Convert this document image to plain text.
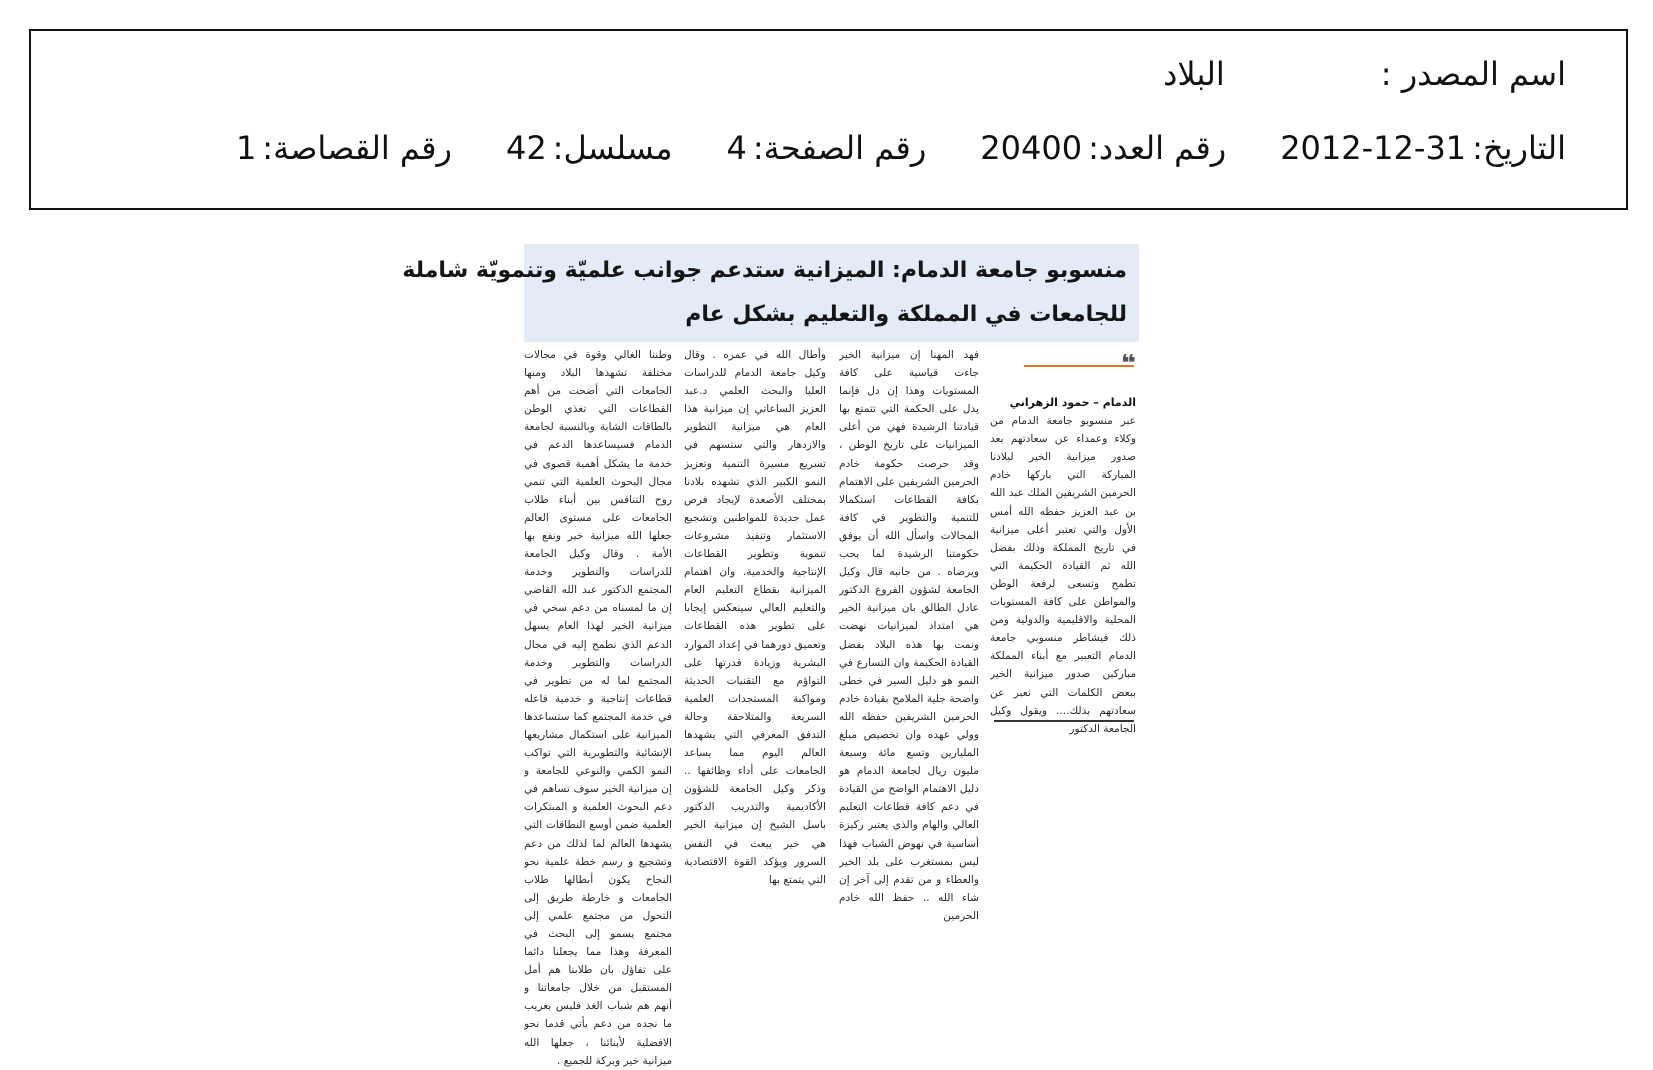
اسم المصدر :
البلاد
التاريخ:
2012-12-31
رقم العدد:
20400
رقم الصفحة:
4
مسلسل:
42
رقم القصاصة:
1
منسوبو جامعة الدمام: الميزانية ستدعم جوانب علميّة وتنمويّة شاملة
للجامعات في المملكة والتعليم بشكل عام
❝
الدمام – حمود الزهراني
عبر منسوبو جامعة الدمام من وكلاء وعمداء عن سعادتهم بعد صدور ميزانية الخير لبلادنا المباركة التي باركها خادم الحرمين الشريفين الملك عبد الله بن عبد العزيز حفظه الله أمس الأول والتي تعتبر أعلى ميزانية في تاريخ المملكة وذلك بفضل الله ثم القيادة الحكيمة التي تطمح وتسعى لرفعة الوطن والمواطن على كافة المستويات المحلية والاقليمية والدولية ومن ذلك فيشاطر منسوبي جامعة الدمام التعبير مع أبناء المملكة مباركين صدور ميزانية الخير ببعض الكلمات التي تعبر عن سعادتهم بذلك.... ويقول وكيل الجامعة الدكتور
فهد المهنا إن ميزانية الخير جاءت قياسية على كافة المستويات وهذا إن دل فإنما يدل على الحكمة التي تتمتع بها قيادتنا الرشيدة فهي من أعلى الميزانيات على تاريخ الوطن ، وقد حرصت حكومة خادم الحرمين الشريفين على الاهتمام بكافة القطاعات استكمالا للتنمية والتطوير في كافة المجالات واسأل الله أن يوفق حكومتنا الرشيدة لما يحب ويرضاه . من جانبه قال وكيل الجامعة لشؤون الفروع الدكتور عادل الطالق بان ميزانية الخير هي امتداد لميزانيات نهضت ونمت بها هذه البلاد بفضل القيادة الحكيمة وان التسارع في النمو هو دليل السير في خطى واضحة جلية الملامح بقيادة خادم الحرمين الشريفين حفظه الله وولي عهده وان تخصيص مبلغ المليارين وتسع مائة وسبعة مليون ريال لجامعة الدمام هو دليل الاهتمام الواضح من القيادة في دعم كافة قطاعات التعليم العالي والهام والذي يعتبر ركيزة أساسية في نهوض الشباب فهذا ليس بمستغرب على بلد الخير والعطاء و من تقدم إلى آخر إن شاء الله .. حفظ الله خادم الحرمين
وأطال الله في عمره . وقال وكيل جامعة الدمام للدراسات العليا والبحث العلمي د.عبد العزيز الساعاتي إن ميزانية هذا العام هي ميزانية التطوير والازدهار والتي ستسهم في تسريع مسيرة التنمية وتعزيز النمو الكبير الذي تشهده بلادنا بمختلف الأصعدة لإيجاد فرص عمل جديدة للمواطنين وتشجيع الاستثمار وتنفيذ مشروعات تنموية وتطوير القطاعات الإنتاجية والخدمية. وان اهتمام الميزانية بقطاع التعليم العام والتعليم العالي سينعكس إيجابا على تطوير هذه القطاعات وتعميق دورهما في إعداد الموارد البشرية وزيادة قدرتها على التواؤم مع التقنيات الحديثة ومواكبة المستجدات العلمية السريعة والمتلاحقة وحالة التدفق المعرفي التي يشهدها العالم اليوم مما يساعد الجامعات على أداء وظائفها .. وذكر وكيل الجامعة للشؤون الأكاديمية والتدريب الدكتور باسل الشيخ إن ميزانية الخير هي خير يبعث في النفس السرور ويؤكد القوة الاقتصادية التي يتمتع بها
وطننا الغالي وقوة في مجالات مختلفة تشهدها البلاد ومنها الجامعات التي أضحت من أهم القطاعات التي تغذي الوطن بالطاقات الشابة وبالنسبة لجامعة الدمام فسيساعدها الدعم في خدمة ما يشكل أهمية قصوى في مجال البحوث العلمية التي تنمي روح التنافس بين أبناء طلاب الجامعات على مستوى العالم جعلها الله ميزانية خير ونفع بها الأمة . وقال وكيل الجامعة للدراسات والتطوير وخدمة المجتمع الدكتور عبد الله القاضي إن ما لمسناه من دعم سخي في ميزانية الخير لهذا العام يسهل الدعم الذي نطمح إليه في مجال الدراسات والتطوير وخدمة المجتمع لما له من تطوير في قطاعات إنتاجية و خدمية فاعله في خدمة المجتمع كما ستساعدها الميزانية على استكمال مشاريعها الإنشائية والتطويرية التي تواكب النمو الكمي والنوعي للجامعة و إن ميزانية الخير سوف تساهم في دعم البحوث العلمية و المبتكرات العلمية ضمن أوسع النطاقات التي يشهدها العالم لما لذلك من دعم وتشجيع و رسم خطة علمية نحو النجاح يكون أبطالها طلاب الجامعات و خارطة طريق إلى التحول من مجتمع علمي إلى مجتمع يسمو إلى البحث في المعرفة وهذا مما يجعلنا دائما على تفاؤل بان طلابنا هم أمل المستقبل من خلال جامعاتنا و أنهم هم شباب الغد فليس بغريب ما نجده من دعم يأتي قدما نحو الافضلية لأبنائنا ، جعلها الله ميزانية خير وبركة للجميع .
